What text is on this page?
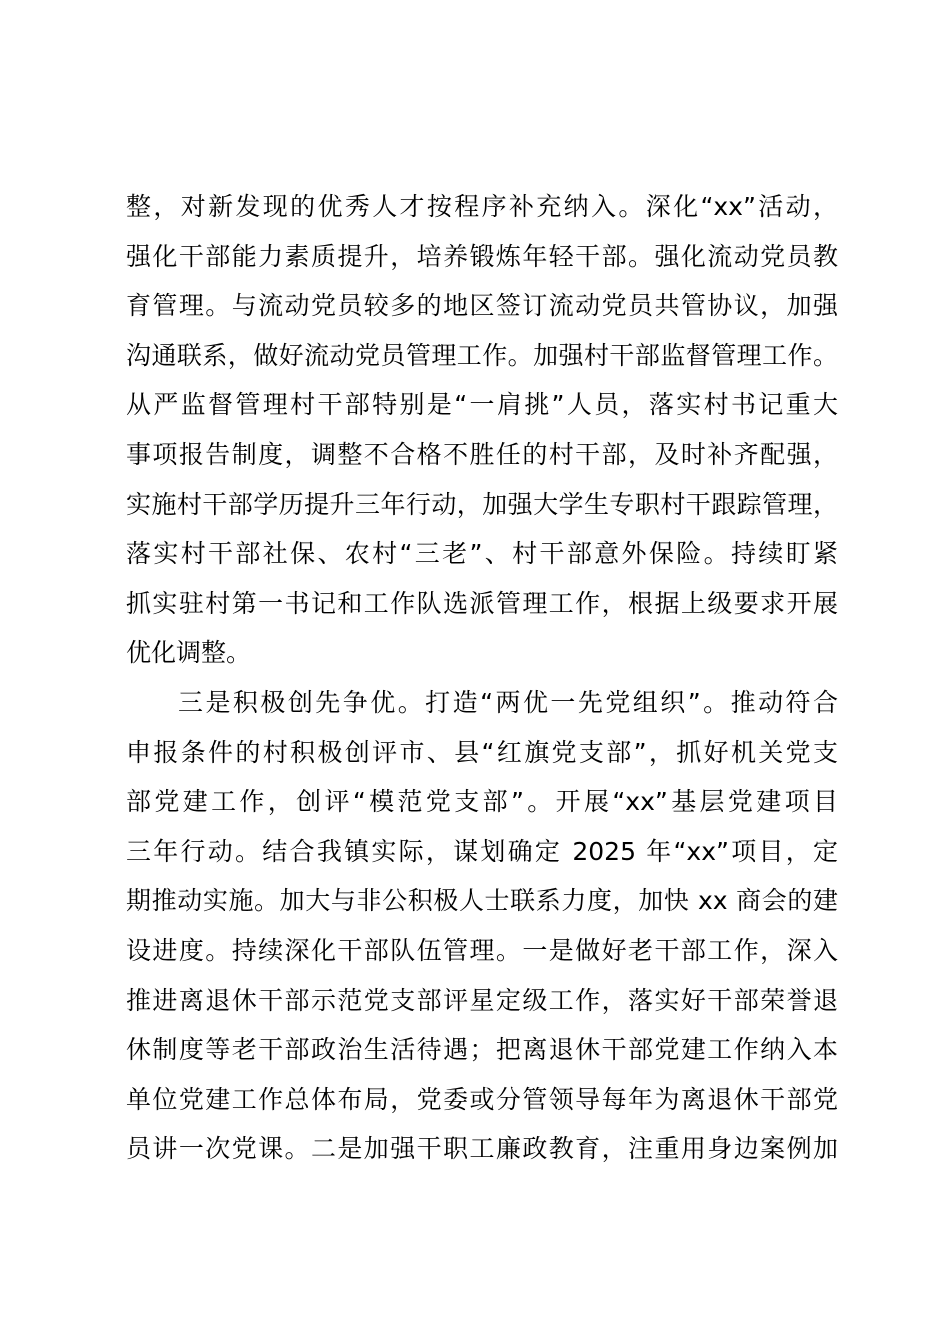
整，对新发现的优秀人才按程序补充纳入。深化“xx”活动，
强化干部能力素质提升，培养锻炼年轻干部。强化流动党员教
育管理。与流动党员较多的地区签订流动党员共管协议，加强
沟通联系，做好流动党员管理工作。加强村干部监督管理工作。
从严监督管理村干部特别是“一肩挑”人员，落实村书记重大
事项报告制度，调整不合格不胜任的村干部，及时补齐配强，
实施村干部学历提升三年行动，加强大学生专职村干跟踪管理，
落实村干部社保、农村“三老”、村干部意外保险。持续盯紧
抓实驻村第一书记和工作队选派管理工作，根据上级要求开展
优化调整。
三是积极创先争优。打造“两优一先党组织”。推动符合
申报条件的村积极创评市、县“红旗党支部”，抓好机关党支
部党建工作，创评“模范党支部”。开展“xx”基层党建项目
三年行动。结合我镇实际，谋划确定 2025 年“xx”项目，定
期推动实施。加大与非公积极人士联系力度，加快 xx 商会的建
设进度。持续深化干部队伍管理。一是做好老干部工作，深入
推进离退休干部示范党支部评星定级工作，落实好干部荣誉退
休制度等老干部政治生活待遇；把离退休干部党建工作纳入本
单位党建工作总体布局，党委或分管领导每年为离退休干部党
员讲一次党课。二是加强干职工廉政教育，注重用身边案例加
